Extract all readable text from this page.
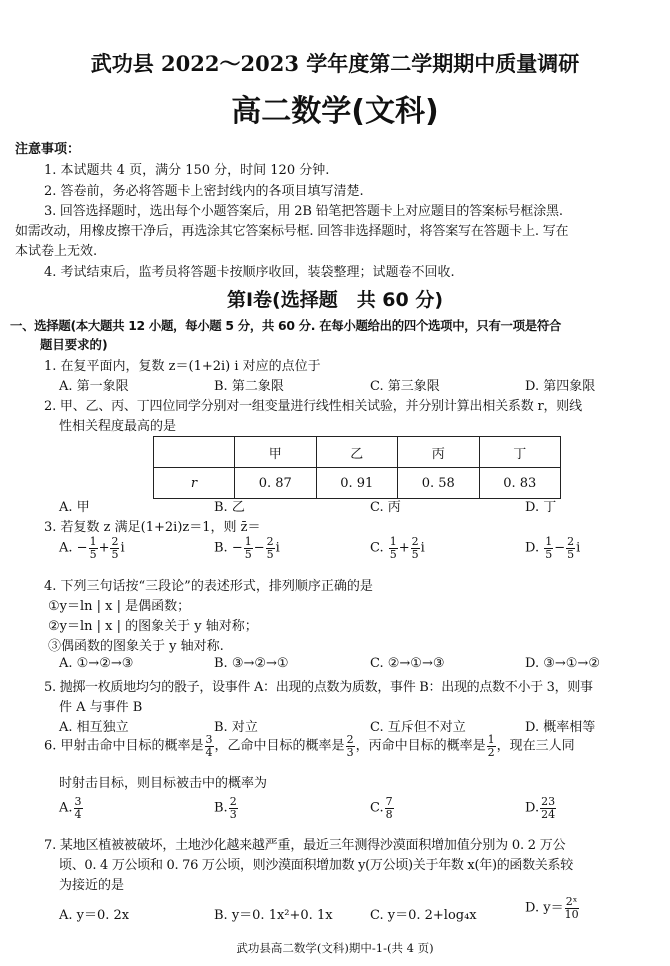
武功县 2022～2023 学年度第二学期期中质量调研
高二数学(文科)
注意事项：
1. 本试题共 4 页，满分 150 分，时间 120 分钟.
2. 答卷前，务必将答题卡上密封线内的各项目填写清楚.
3. 回答选择题时，选出每个小题答案后，用 2B 铅笔把答题卡上对应题目的答案标号框涂黑.
如需改动，用橡皮擦干净后，再选涂其它答案标号框. 回答非选择题时，将答案写在答题卡上. 写在
本试卷上无效.
4. 考试结束后，监考员将答题卡按顺序收回，装袋整理；试题卷不回收.
第Ⅰ卷(选择题　共 60 分)
一、选择题(本大题共 12 小题，每小题 5 分，共 60 分. 在每小题给出的四个选项中，只有一项是符合
题目要求的)
1. 在复平面内，复数 z＝(1+2i) i 对应的点位于
A. 第一象限	B. 第二象限	C. 第三象限	D. 第四象限
2. 甲、乙、丙、丁四位同学分别对一组变量进行线性相关试验，并分别计算出相关系数 r，则线
性相关程度最高的是
	甲	乙	丙	丁
r	0. 87	0. 91	0. 58	0. 83
A. 甲	B. 乙	C. 丙	D. 丁
3. 若复数 z 满足(1+2i)z＝1，则 z̄＝
A. − $\frac{1}{5} + \frac{2}{5}$ i	B. − $\frac{1}{5} - \frac{2}{5}$ i	C. $\frac{1}{5} + \frac{2}{5}$ i	D. $\frac{1}{5} - \frac{2}{5}$ i
4. 下列三句话按“三段论”的表述形式，排列顺序正确的是
①y＝ln | x | 是偶函数；
②y＝ln | x | 的图象关于 y 轴对称；
③偶函数的图象关于 y 轴对称.
A. ①→②→③	B. ③→②→①	C. ②→①→③	D. ③→①→②
5. 抛掷一枚质地均匀的骰子，设事件 A：出现的点数为质数，事件 B：出现的点数不小于 3，则事
件 A 与事件 B
A. 相互独立	B. 对立	C. 互斥但不对立	D. 概率相等
6. 甲射击命中目标的概率是 $\frac{3}{4}$ ，乙命中目标的概率是 $\frac{2}{3}$ ，丙命中目标的概率是 $\frac{1}{2}$ ，现在三人同
时射击目标，则目标被击中的概率为
A. $\frac{3}{4}$	B. $\frac{2}{3}$	C. $\frac{7}{8}$	D. $\frac{23}{24}$
7. 某地区植被被破坏，土地沙化越来越严重，最近三年测得沙漠面积增加值分别为 0. 2 万公
顷、0. 4 万公顷和 0. 76 万公顷，则沙漠面积增加数 y(万公顷)关于年数 x(年)的函数关系较
为接近的是
A. y＝0. 2x	B. y＝0. 1x²+0. 1x	C. y＝0. 2+log₄x	D. $y= \frac{\text{2ˣ}}{10}$
武功县高二数学(文科)期中-1-(共 4 页)
